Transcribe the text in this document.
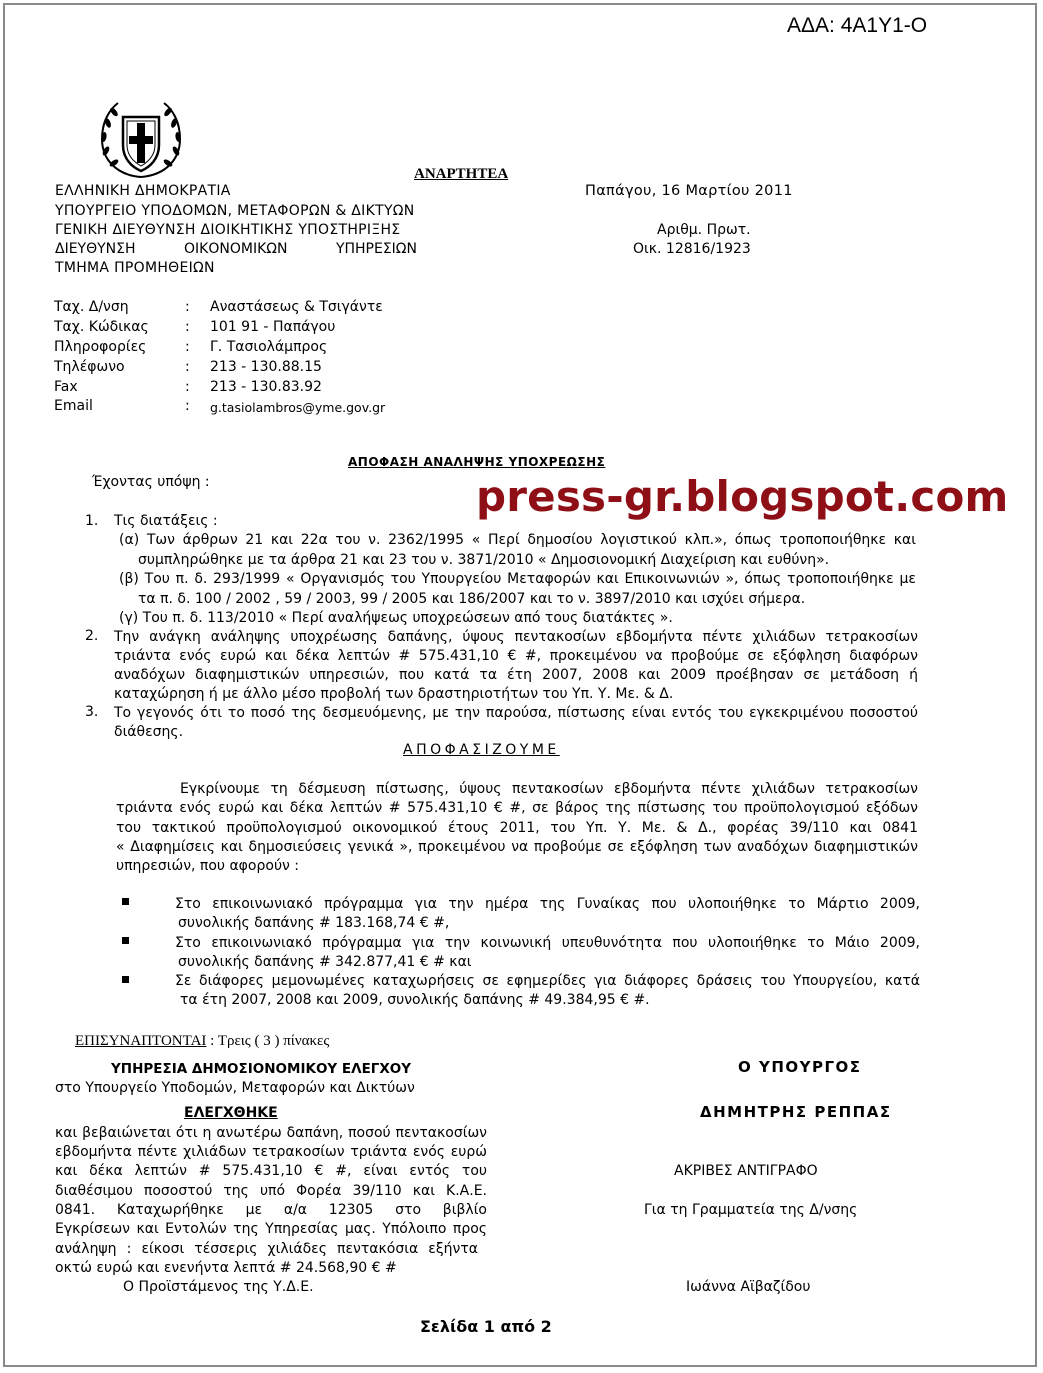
ΑΔΑ: 4Α1Υ1-Ο
ΑΝΑΡΤΗΤΕΑ
ΕΛΛΗΝΙΚΗ ΔΗΜΟΚΡΑΤΙΑ
ΥΠΟΥΡΓΕΙΟ ΥΠΟΔΟΜΩΝ, ΜΕΤΑΦΟΡΩΝ & ΔΙΚΤΥΩΝ
ΓΕΝΙΚΗ ΔΙΕΥΘΥΝΣΗ ΔΙΟΙΚΗΤΙΚΗΣ ΥΠΟΣΤΗΡΙΞΗΣ
ΔΙΕΥΘΥΝΣΗ	ΟΙΚΟΝΟΜΙΚΩΝ	ΥΠΗΡΕΣΙΩΝ
ΤΜΗΜΑ ΠΡΟΜΗΘΕΙΩΝ
Παπάγου, 16 Μαρτίου 2011
Αριθμ. Πρωτ.
Οικ. 12816/1923
Ταχ. Δ/νση	: Αναστάσεως & Τσιγάντε
Ταχ. Κώδικας	: 101 91 - Παπάγου
Πληροφορίες	: Γ. Τασιολάμπρος
Τηλέφωνο	: 213 - 130.88.15
Fax	: 213 - 130.83.92
Email	: g.tasiolambros@yme.gov.gr
ΑΠΟΦΑΣΗ ΑΝΑΛΗΨΗΣ ΥΠΟΧΡΕΩΣΗΣ
Έχοντας υπόψη :	press-gr.blogspot.com
1. Τις διατάξεις :
(α) Των άρθρων 21 και 22α του ν. 2362/1995 « Περί δημοσίου λογιστικού κλπ.», όπως τροποποιήθηκε και
συμπληρώθηκε με τα άρθρα 21 και 23 του ν. 3871/2010 « Δημοσιονομική Διαχείριση και ευθύνη».
(β) Του π. δ. 293/1999 « Οργανισμός του Υπουργείου Μεταφορών και Επικοινωνιών », όπως τροποποιήθηκε με
τα π. δ. 100 / 2002 , 59 / 2003, 99 / 2005 και 186/2007 και το ν. 3897/2010 και ισχύει σήμερα.
(γ) Του π. δ. 113/2010 « Περί αναλήψεως υποχρεώσεων από τους διατάκτες ».
2. Την ανάγκη ανάληψης υποχρέωσης δαπάνης, ύψους πεντακοσίων εβδομήντα πέντε χιλιάδων τετρακοσίων
τριάντα ενός ευρώ και δέκα λεπτών # 575.431,10 € #, προκειμένου να προβούμε σε εξόφληση διαφόρων
αναδόχων διαφημιστικών υπηρεσιών, που κατά τα έτη 2007, 2008 και 2009 προέβησαν σε μετάδοση ή
καταχώρηση ή με άλλο μέσο προβολή των δραστηριοτήτων του Υπ. Υ. Με. & Δ.
3. Το γεγονός ότι το ποσό της δεσμευόμενης, με την παρούσα, πίστωσης είναι εντός του εγκεκριμένου ποσοστού
διάθεσης.
ΑΠΟΦΑΣΙΖΟΥΜΕ
Εγκρίνουμε τη δέσμευση πίστωσης, ύψους πεντακοσίων εβδομήντα πέντε χιλιάδων τετρακοσίων
τριάντα ενός ευρώ και δέκα λεπτών # 575.431,10 € #, σε βάρος της πίστωσης του προϋπολογισμού εξόδων
του τακτικού προϋπολογισμού οικονομικού έτους 2011, του Υπ. Υ. Με. & Δ., φορέας 39/110 και 0841
« Διαφημίσεις και δημοσιεύσεις γενικά », προκειμένου να προβούμε σε εξόφληση των αναδόχων διαφημιστικών
υπηρεσιών, που αφορούν :
Στο επικοινωνιακό πρόγραμμα για την ημέρα της Γυναίκας που υλοποιήθηκε το Μάρτιο 2009,
συνολικής δαπάνης # 183.168,74 € #,
Στο επικοινωνιακό πρόγραμμα για την κοινωνική υπευθυνότητα που υλοποιήθηκε το Μάιο 2009,
συνολικής δαπάνης # 342.877,41 € # και
Σε διάφορες μεμονωμένες καταχωρήσεις σε εφημερίδες για διάφορες δράσεις του Υπουργείου, κατά
τα έτη 2007, 2008 και 2009, συνολικής δαπάνης # 49.384,95 € #.
ΕΠΙΣΥΝΑΠΤΟΝΤΑΙ : Τρεις ( 3 ) πίνακες
ΥΠΗΡΕΣΙΑ ΔΗΜΟΣΙΟΝΟΜΙΚΟΥ ΕΛΕΓΧΟΥ
στο Υπουργείο Υποδομών, Μεταφορών και Δικτύων
ΕΛΕΓΧΘΗΚΕ
και βεβαιώνεται ότι η ανωτέρω δαπάνη, ποσού πεντακοσίων
εβδομήντα πέντε χιλιάδων τετρακοσίων τριάντα ενός ευρώ
και δέκα λεπτών # 575.431,10 € #, είναι εντός του
διαθέσιμου ποσοστού της υπό Φορέα 39/110 και Κ.Α.Ε.
0841. Καταχωρήθηκε με α/α 12305 στο βιβλίο
Εγκρίσεων και Εντολών της Υπηρεσίας μας. Υπόλοιπο προς
ανάληψη : είκοσι τέσσερις χιλιάδες πεντακόσια εξήντα
οκτώ ευρώ και ενενήντα λεπτά # 24.568,90 € #
Ο Προϊστάμενος της Υ.Δ.Ε.
Ο ΥΠΟΥΡΓΟΣ
ΔΗΜΗΤΡΗΣ ΡΕΠΠΑΣ
ΑΚΡΙΒΕΣ ΑΝΤΙΓΡΑΦΟ
Για τη Γραμματεία της Δ/νσης
Ιωάννα Αϊβαζίδου
Σελίδα 1 από 2
